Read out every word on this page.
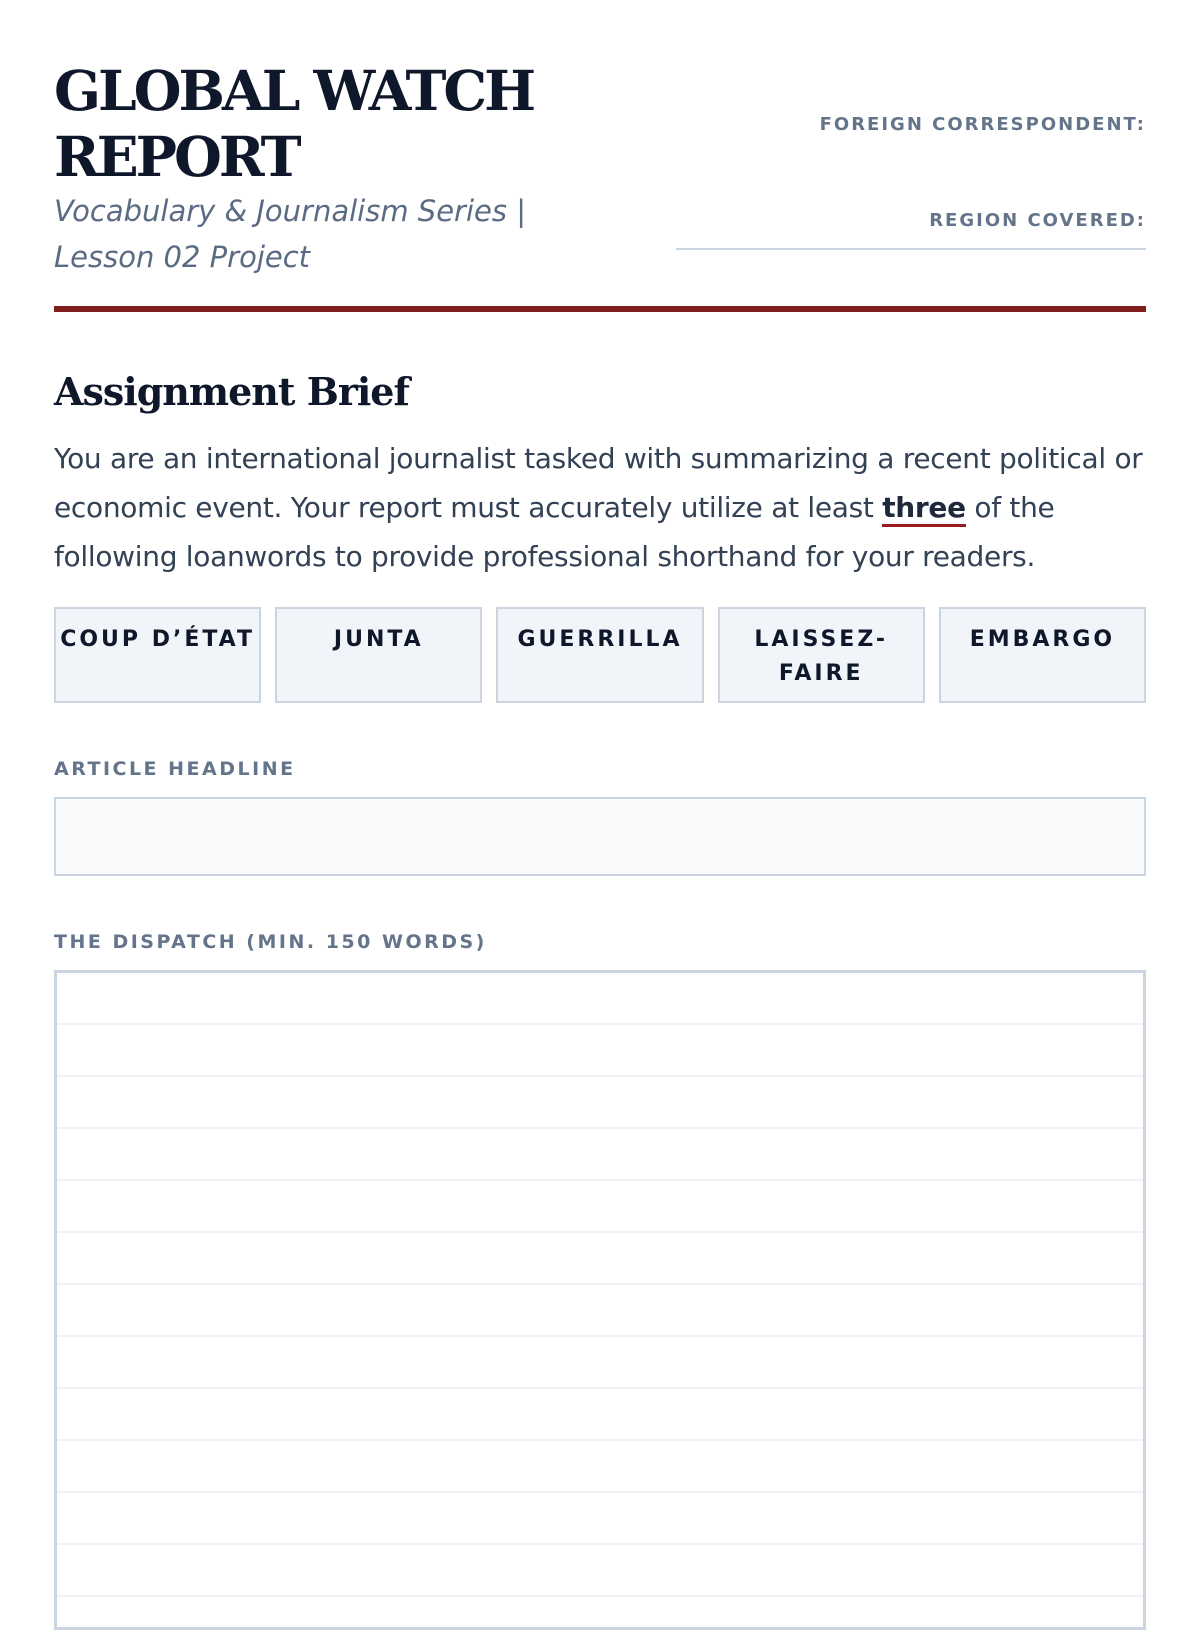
GLOBAL WATCH REPORT

Vocabulary & Journalism Series | Lesson 02 Project

FOREIGN CORRESPONDENT:
REGION COVERED:
Assignment Brief

You are an international journalist tasked with summarizing a recent political or economic event. Your report must accurately utilize at least three of the following loanwords to provide professional shorthand for your readers.

COUP D’ÉTAT	JUNTA	GUERRILLA	LAISSEZ-FAIRE
EMBARGO
ARTICLE HEADLINE
THE DISPATCH (MIN. 150 WORDS)
